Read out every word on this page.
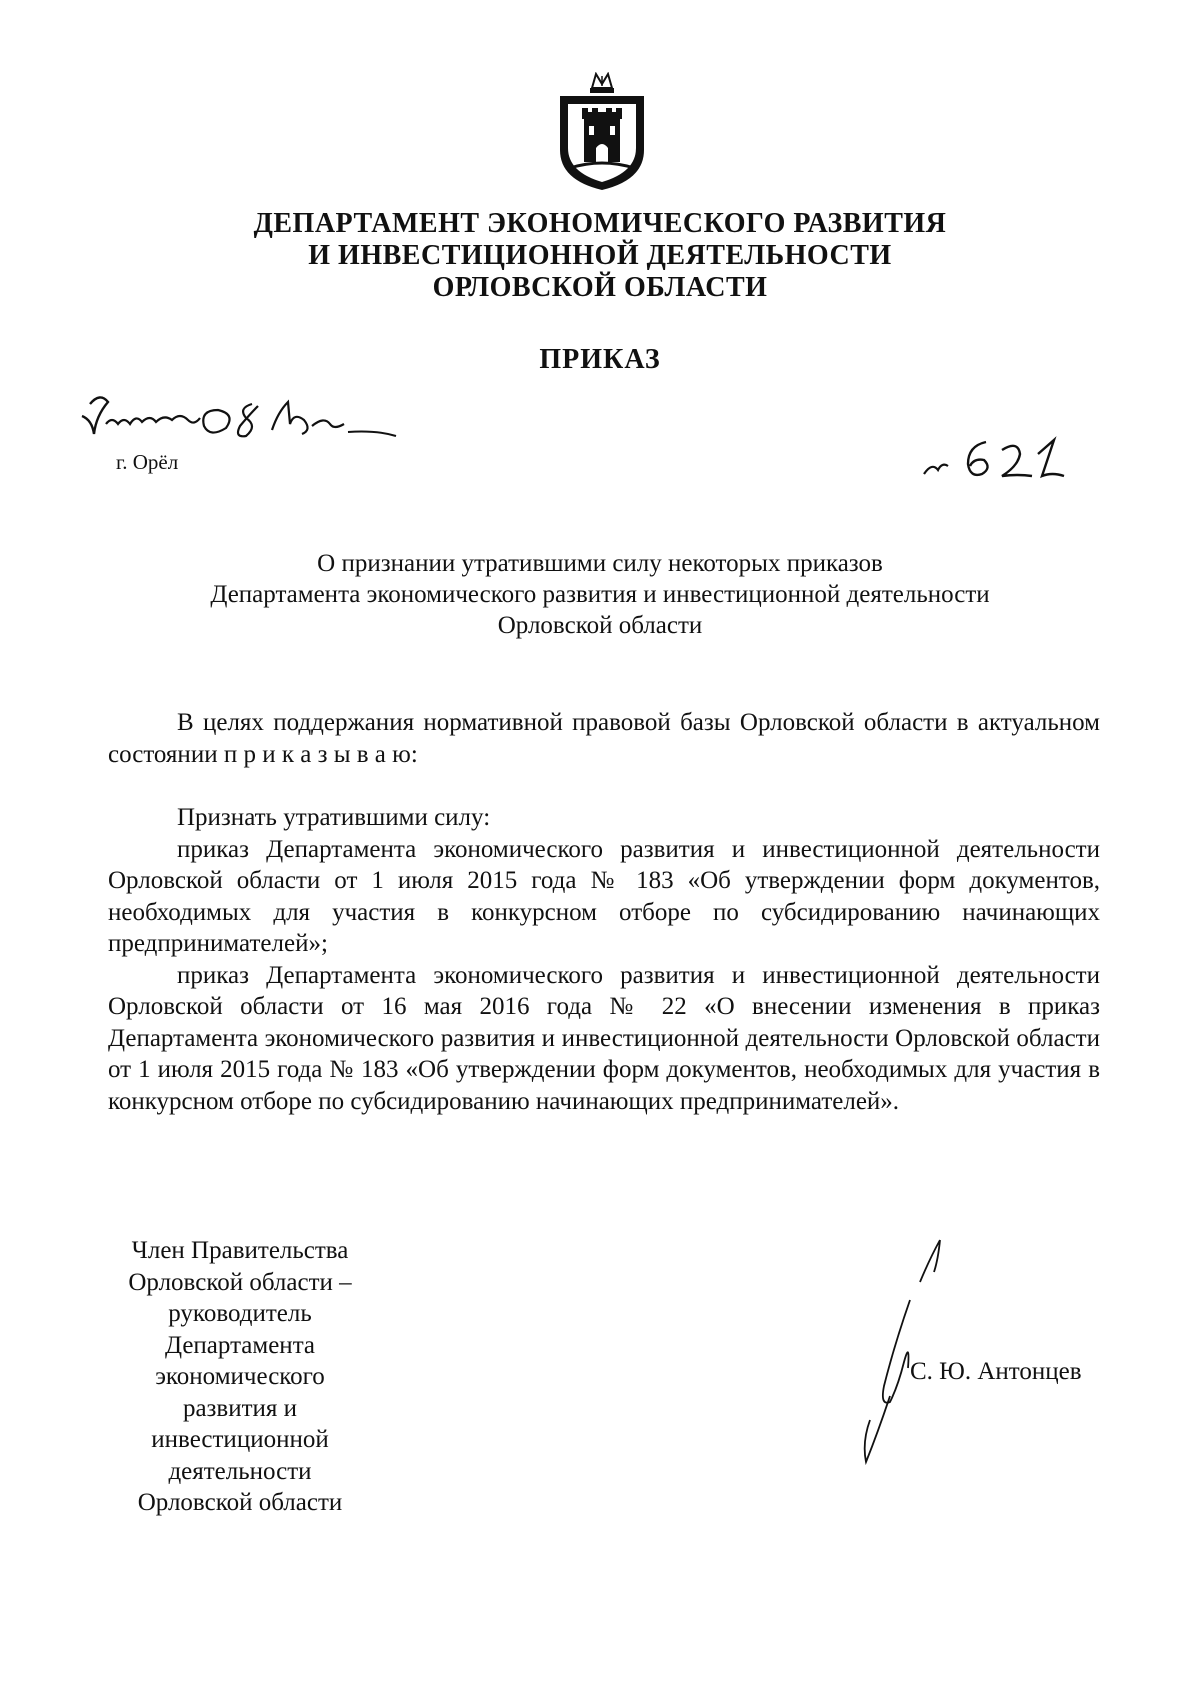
ДЕПАРТАМЕНТ ЭКОНОМИЧЕСКОГО РАЗВИТИЯ
И ИНВЕСТИЦИОННОЙ ДЕЯТЕЛЬНОСТИ
ОРЛОВСКОЙ ОБЛАСТИ
ПРИКАЗ
г. Орёл
О признании утратившими силу некоторых приказов
Департамента экономического развития и инвестиционной деятельности
Орловской области

В целях поддержания нормативной правовой базы Орловской области в актуальном состоянии п р и к а з ы в а ю:

Признать утратившими силу:

приказ Департамента экономического развития и инвестиционной деятельности Орловской области от 1 июля 2015 года № 183 «Об утверждении форм документов, необходимых для участия в конкурсном отборе по субсидированию начинающих предпринимателей»;

приказ Департамента экономического развития и инвестиционной деятельности Орловской области от 16 мая 2016 года № 22 «О внесении изменения в приказ Департамента экономического развития и инвестиционной деятельности Орловской области от 1 июля 2015 года № 183 «Об утверждении форм документов, необходимых для участия в конкурсном отборе по субсидированию начинающих предпринимателей».

Член Правительства
Орловской области –
руководитель
Департамента
экономического
развития и
инвестиционной
деятельности
Орловской области
С. Ю. Антонцев
